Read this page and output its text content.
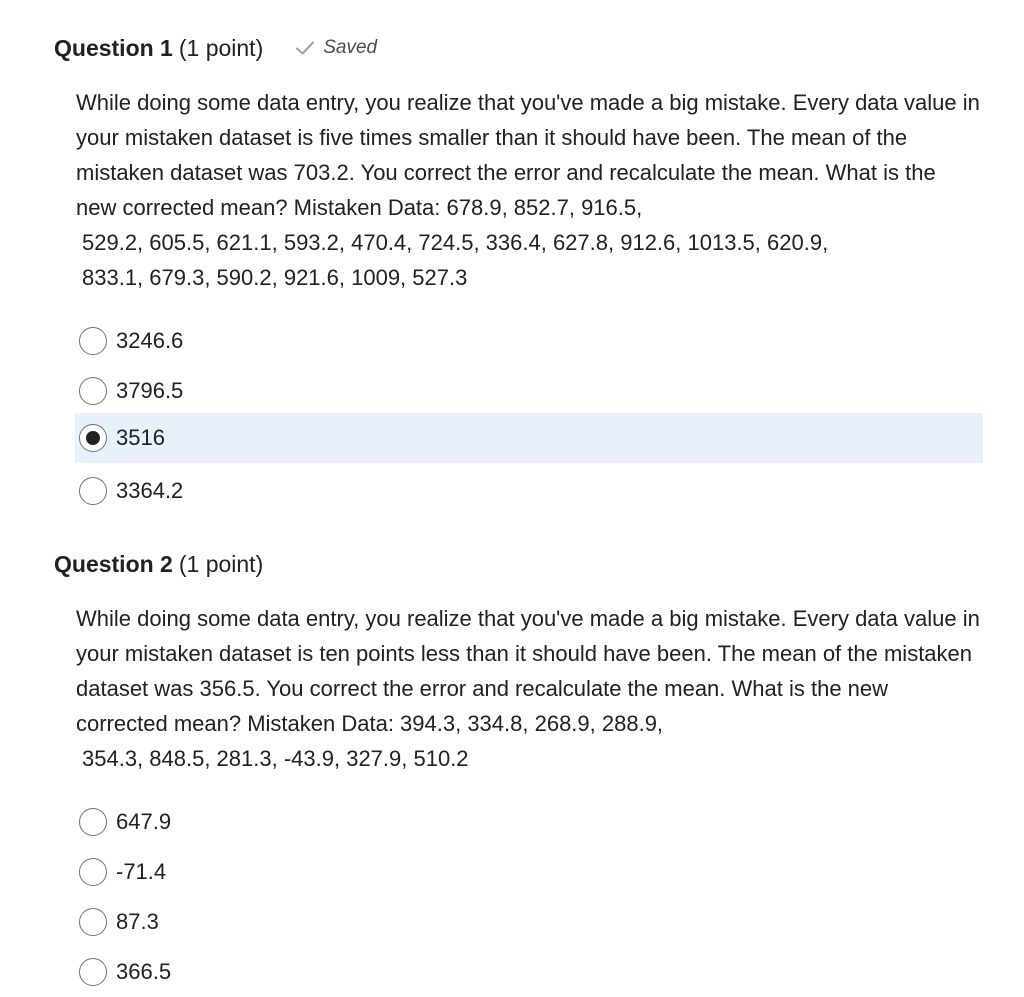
Question 1 (1 point)	Saved
While doing some data entry, you realize that you've made a big mistake. Every data value in your mistaken dataset is five times smaller than it should have been. The mean of the mistaken dataset was 703.2. You correct the error and recalculate the mean. What is the new corrected mean? Mistaken Data: 678.9, 852.7, 916.5,
529.2, 605.5, 621.1, 593.2, 470.4, 724.5, 336.4, 627.8, 912.6, 1013.5, 620.9,
833.1, 679.3, 590.2, 921.6, 1009, 527.3
3246.6
3796.5
3516
3364.2
Question 2 (1 point)
While doing some data entry, you realize that you've made a big mistake. Every data value in your mistaken dataset is ten points less than it should have been. The mean of the mistaken dataset was 356.5. You correct the error and recalculate the mean. What is the new corrected mean? Mistaken Data: 394.3, 334.8, 268.9, 288.9,
354.3, 848.5, 281.3, -43.9, 327.9, 510.2
647.9
-71.4
87.3
366.5
